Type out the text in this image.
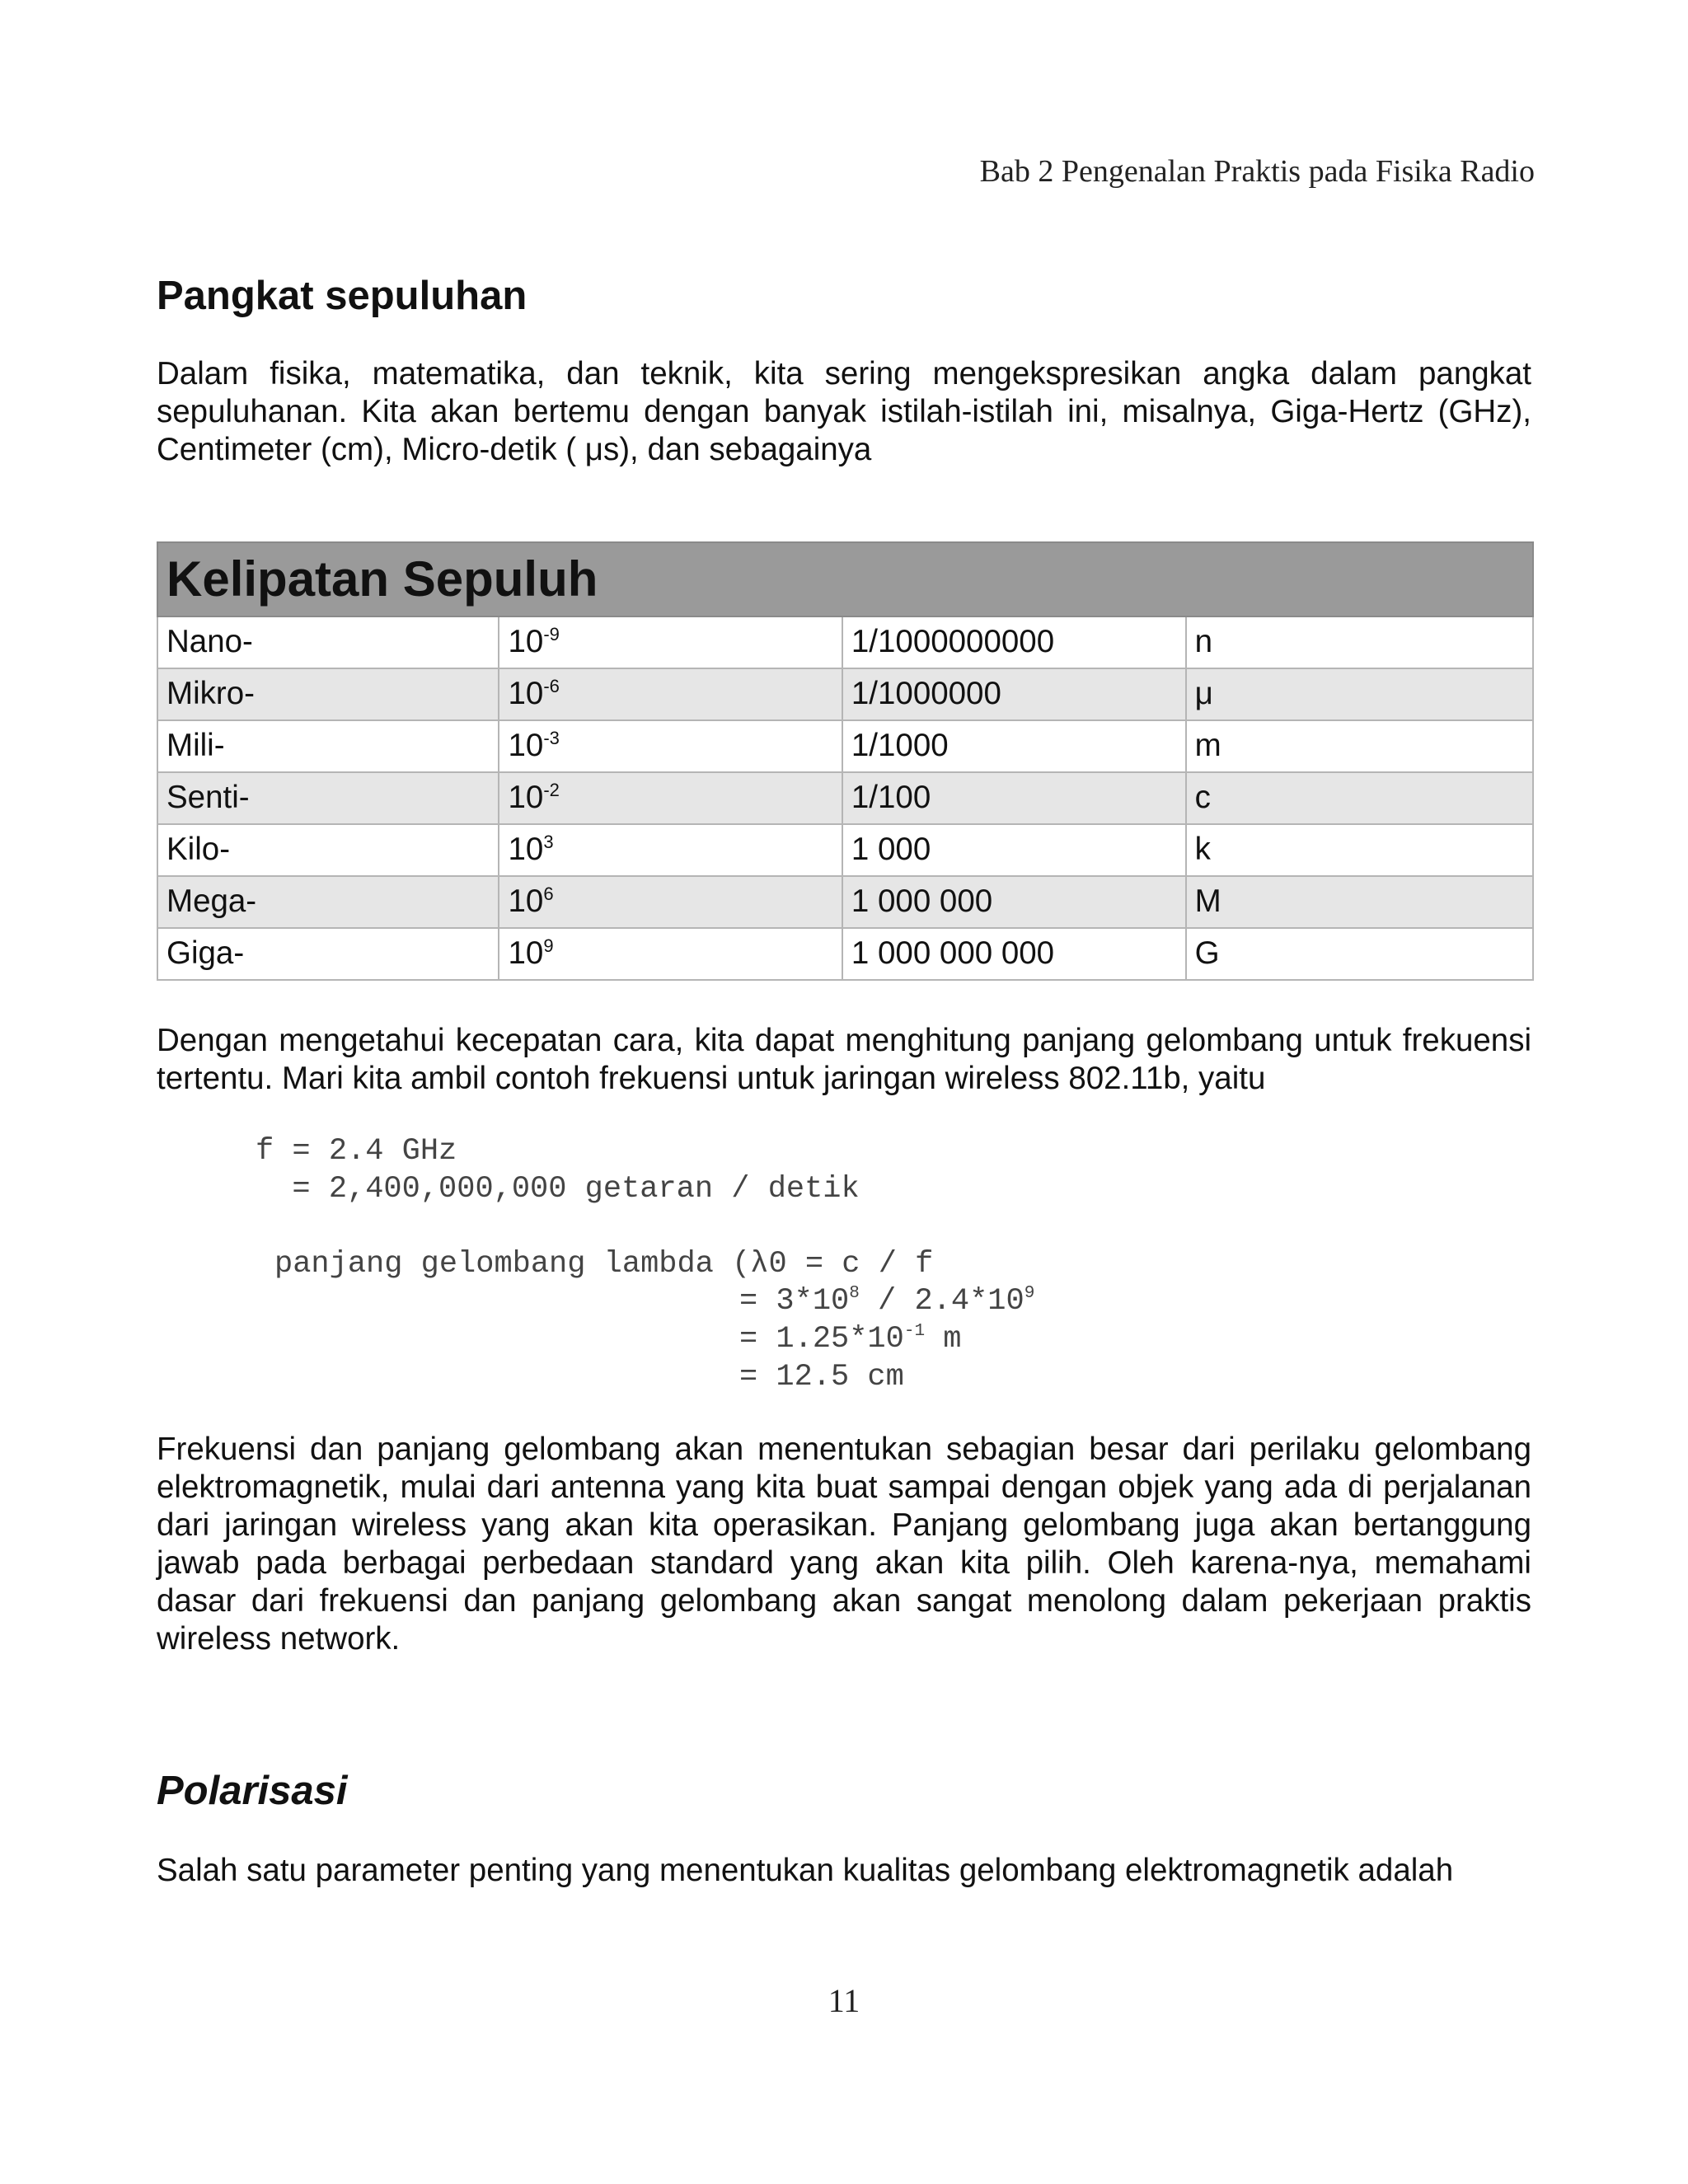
Bab 2 Pengenalan Praktis pada Fisika Radio
Pangkat sepuluhan

Dalam fisika, matematika, dan teknik, kita sering mengekspresikan angka dalam pangkat sepuluhanan. Kita akan bertemu dengan banyak istilah-istilah ini, misalnya, Giga-Hertz (GHz), Centimeter (cm), Micro-detik ( μs), dan sebagainya

Kelipatan Sepuluh			
Nano-	$10^{-9}$	1/1000000000	n
Mikro-	$10^{-6}$	1/1000000	μ
Mili-	$10^{-3}$	1/1000	m
Senti-	$10^{-2}$	1/100	c
Kilo-	$10^3$	1 000	k
Mega-	$10^6$	1 000 000	M
Giga-	$10^9$	1 000 000 000	G

Dengan mengetahui kecepatan cara, kita dapat menghitung panjang gelombang untuk frekuensi tertentu. Mari kita ambil contoh frekuensi untuk jaringan wireless 802.11b, yaitu

f = 2.4 GHz
= 2,400,000,000 getaran / detik
panjang gelombang lambda (λ0 = c / f
= $3*10^8 / 2.4*10^9$
= $1.25*10^{-1}$ m
= 12.5 cm

Frekuensi dan panjang gelombang akan menentukan sebagian besar dari perilaku gelombang elektromagnetik, mulai dari antenna yang kita buat sampai dengan objek yang ada di perjalanan dari jaringan wireless yang akan kita operasikan. Panjang gelombang juga akan bertanggung jawab pada berbagai perbedaan standard yang akan kita pilih. Oleh karena-nya, memahami dasar dari frekuensi dan panjang gelombang akan sangat menolong dalam pekerjaan praktis wireless network.

Polarisasi

Salah satu parameter penting yang menentukan kualitas gelombang elektromagnetik adalah

11
